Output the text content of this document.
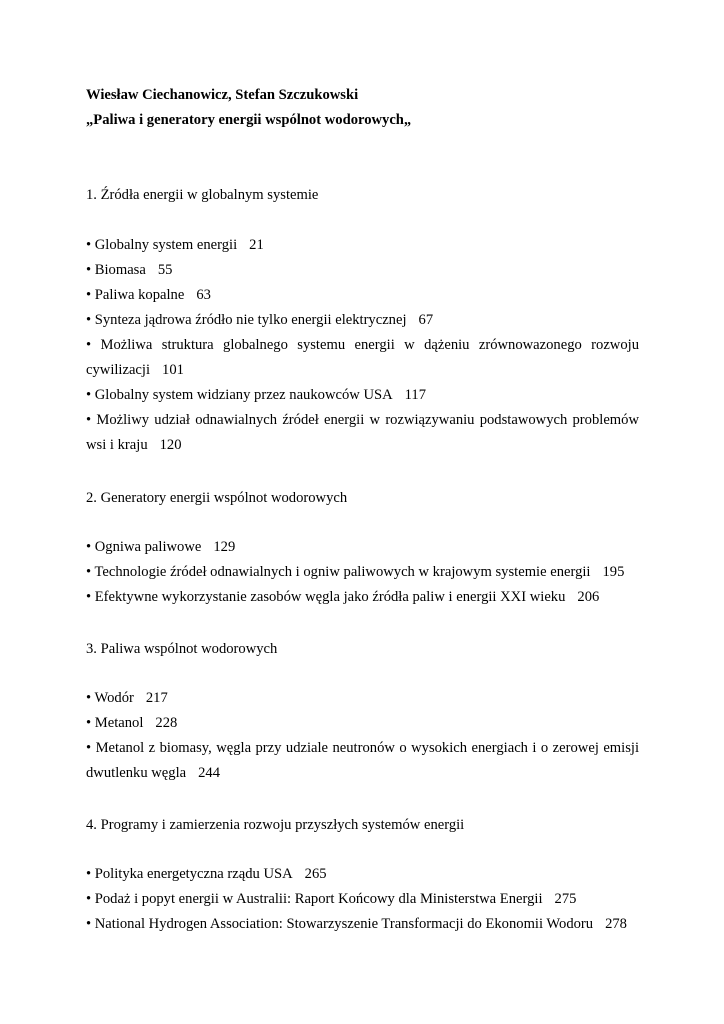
Wiesław Ciechanowicz, Stefan Szczukowski
„Paliwa i generatory energii wspólnot wodorowych„
1. Źródła energii w globalnym systemie
• Globalny system energii 21
• Biomasa 55
• Paliwa kopalne 63
• Synteza jądrowa źródło nie tylko energii elektrycznej 67
• Możliwa struktura globalnego systemu energii w dążeniu zrównowazonego rozwoju cywilizacji 101
• Globalny system widziany przez naukowców USA 117
• Możliwy udział odnawialnych źródeł energii w rozwiązywaniu podstawowych problemów wsi i kraju 120
2. Generatory energii wspólnot wodorowych
• Ogniwa paliwowe 129
• Technologie źródeł odnawialnych i ogniw paliwowych w krajowym systemie energii 195
• Efektywne wykorzystanie zasobów węgla jako źródła paliw i energii XXI wieku 206
3. Paliwa wspólnot wodorowych
• Wodór 217
• Metanol 228
• Metanol z biomasy, węgla przy udziale neutronów o wysokich energiach i o zerowej emisji dwutlenku węgla 244
4. Programy i zamierzenia rozwoju przyszłych systemów energii
• Polityka energetyczna rządu USA 265
• Podaż i popyt energii w Australii: Raport Końcowy dla Ministerstwa Energii 275
• National Hydrogen Association: Stowarzyszenie Transformacji do Ekonomii Wodoru 278
